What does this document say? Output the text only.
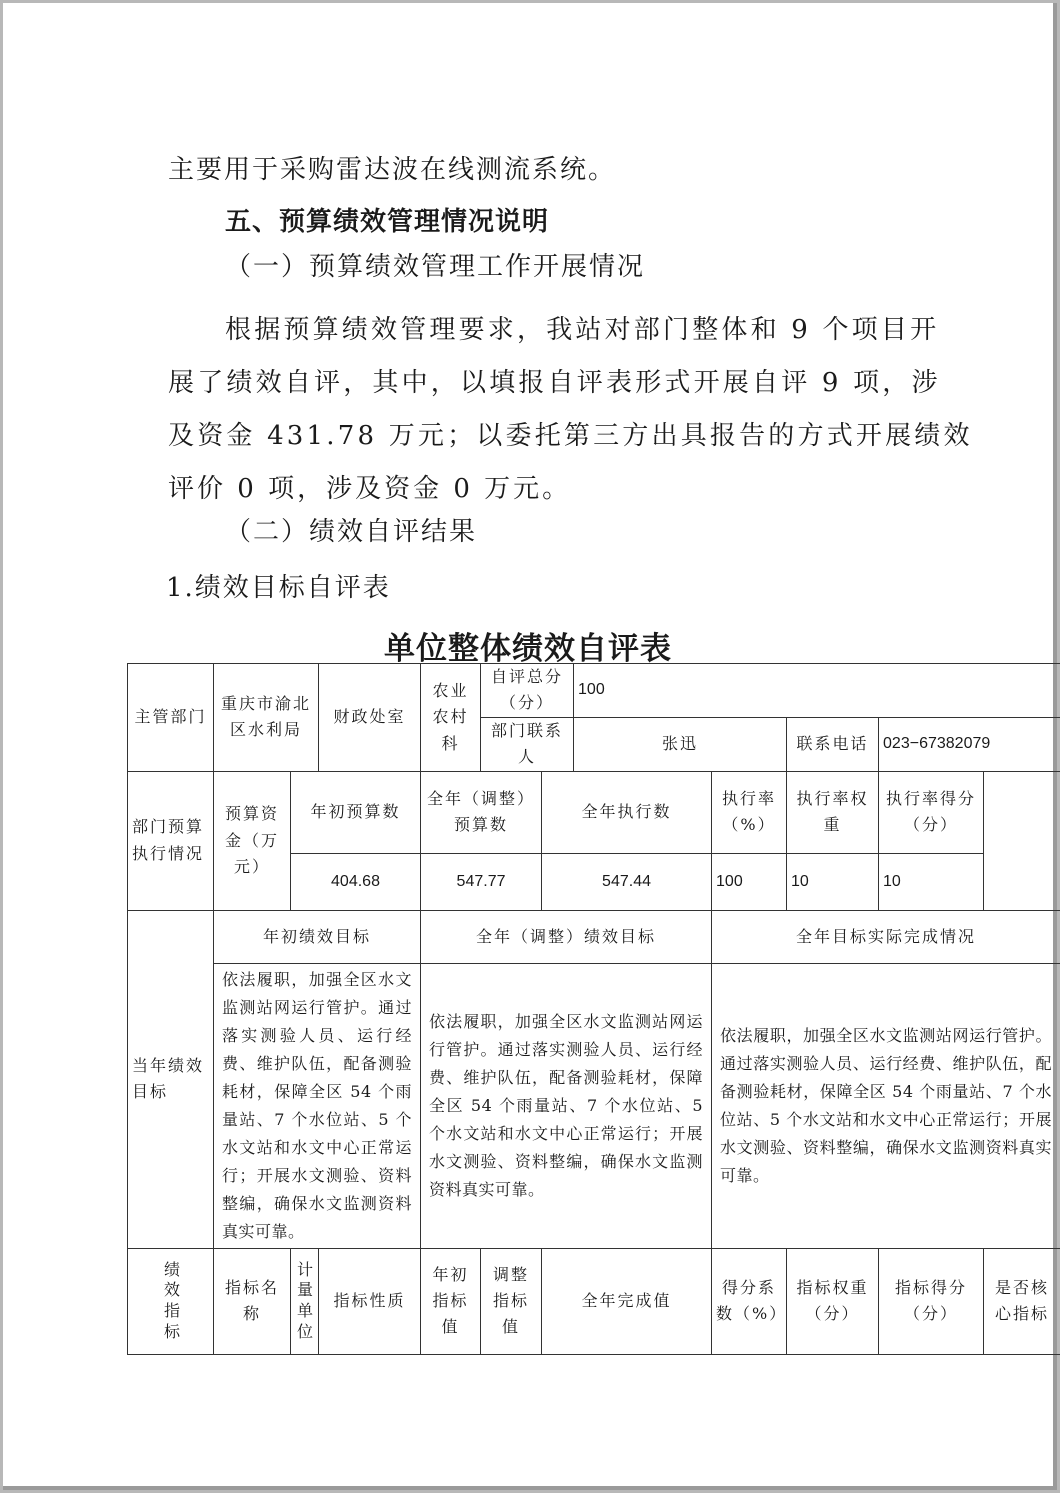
主要用于采购雷达波在线测流系统。
五、预算绩效管理情况说明
（一）预算绩效管理工作开展情况
根据预算绩效管理要求，我站对部门整体和 9 个项目开
展了绩效自评，其中，以填报自评表形式开展自评 9 项，涉
及资金 431.78 万元；以委托第三方出具报告的方式开展绩效
评价 0 项，涉及资金 0 万元。
（二）绩效自评结果
1.绩效目标自评表
单位整体绩效自评表
主管部门	重庆市渝北区水利局		财政处室	农业农村科	自评总分（分）		100				
					部门联系人		张迅		联系电话	023−67382079	
部门预算执行情况	预算资金（万元）	年初预算数		全年（调整）预算数		全年执行数		执行率（%）	执行率权重	执行率得分（分）
		404.68		547.77		547.44		100	10	10	
当年绩效目标	年初绩效目标			全年（调整）绩效目标				全年目标实际完成情况			
	依法履职，加强全区水文监测站网运行管护。通过落实测验人员、运行经费、维护队伍，配备测验耗材，保障全区 54 个雨量站、7 个水位站、5 个水文站和水文中心正常运行；开展水文测验、资料整编，确保水文监测资料真实可靠。			依法履职，加强全区水文监测站网运行管护。通过落实测验人员、运行经费、维护队伍，配备测验耗材，保障全区 54 个雨量站、7 个水位站、5 个水文站和水文中心正常运行；开展水文测验、资料整编，确保水文监测资料真实可靠。				依法履职，加强全区水文监测站网运行管护。通过落实测验人员、运行经费、维护队伍，配备测验耗材，保障全区 54 个雨量站、7 个水位站、5 个水文站和水文中心正常运行；开展水文测验、资料整编，确保水文监测资料真实可靠。			
绩效指标	指标名称	计量单位	指标性质	年初指标值	调整指标值	全年完成值		得分系数（%）	指标权重（分）	指标得分（分）	是否核心指标
